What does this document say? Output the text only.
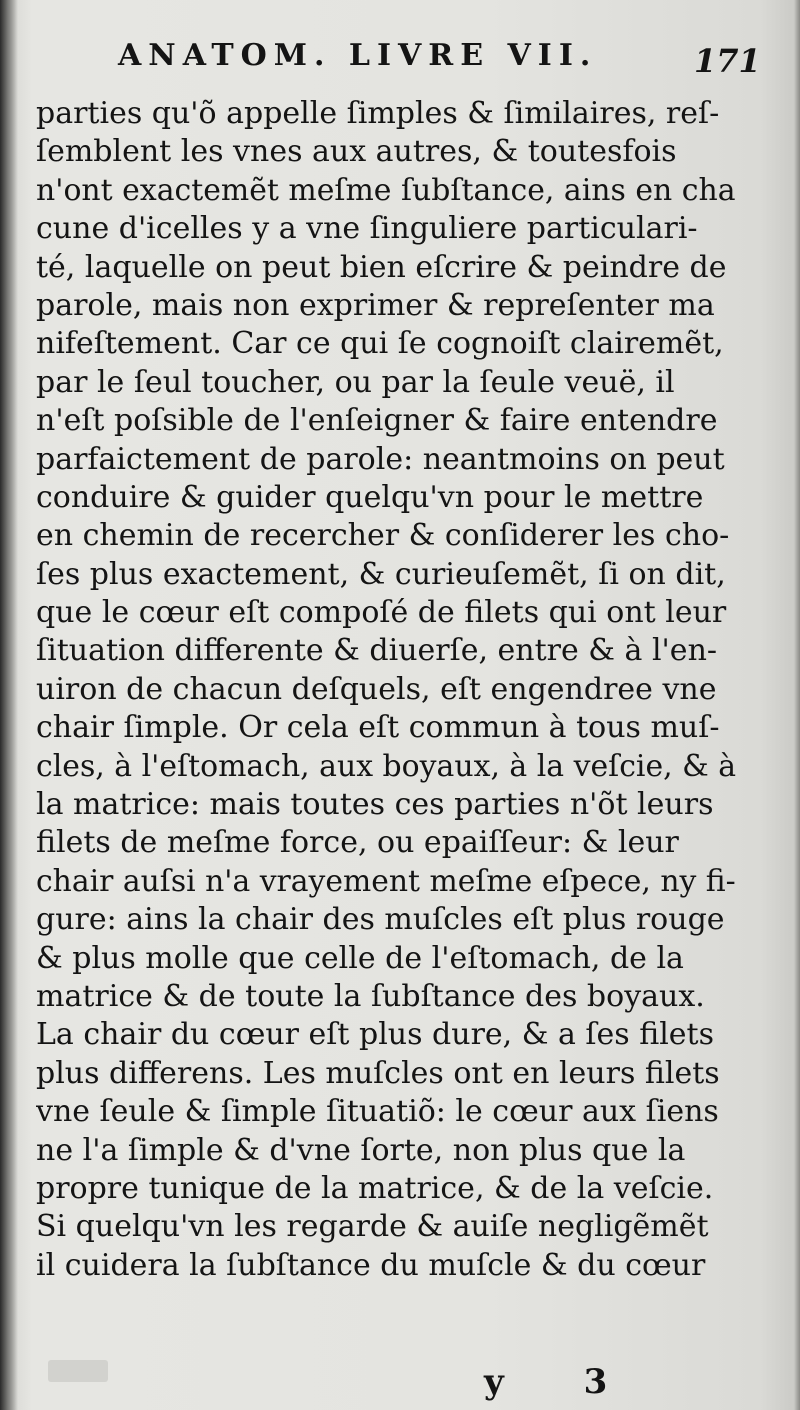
ANATOM. LIVRE VII.	171
parties qu'õ appelle ſimples & ſimilaires, reſ-
ſemblent les vnes aux autres, & toutesfois
n'ont exactemẽt meſme ſubſtance, ains en cha
cune d'icelles y a vne ſinguliere particulari-
té, laquelle on peut bien eſcrire & peindre de
parole, mais non exprimer & repreſenter ma
nifeſtement. Car ce qui ſe cognoiſt clairemẽt,
par le ſeul toucher, ou par la ſeule veuë, il
n'eſt poſsible de l'enſeigner & faire entendre
parfaictement de parole: neantmoins on peut
conduire & guider quelqu'vn pour le mettre
en chemin de recercher & conſiderer les cho-
ſes plus exactement, & curieuſemẽt, ſi on dit,
que le cœur eſt compoſé de filets qui ont leur
ſituation differente & diuerſe, entre & à l'en-
uiron de chacun deſquels, eſt engendree vne
chair ſimple. Or cela eſt commun à tous muſ-
cles, à l'eſtomach, aux boyaux, à la veſcie, & à
la matrice: mais toutes ces parties n'õt leurs
filets de meſme force, ou epaiſſeur: & leur
chair auſsi n'a vrayement meſme eſpece, ny fi-
gure: ains la chair des muſcles eſt plus rouge
& plus molle que celle de l'eſtomach, de la
matrice & de toute la ſubſtance des boyaux.
La chair du cœur eſt plus dure, & a ſes filets
plus differens. Les muſcles ont en leurs filets
vne ſeule & ſimple ſituatiõ: le cœur aux ſiens
ne l'a ſimple & d'vne ſorte, non plus que la
propre tunique de la matrice, & de la veſcie.
Si quelqu'vn les regarde & auiſe negligẽmẽt
il cuidera la ſubſtance du muſcle & du cœur
y 3
